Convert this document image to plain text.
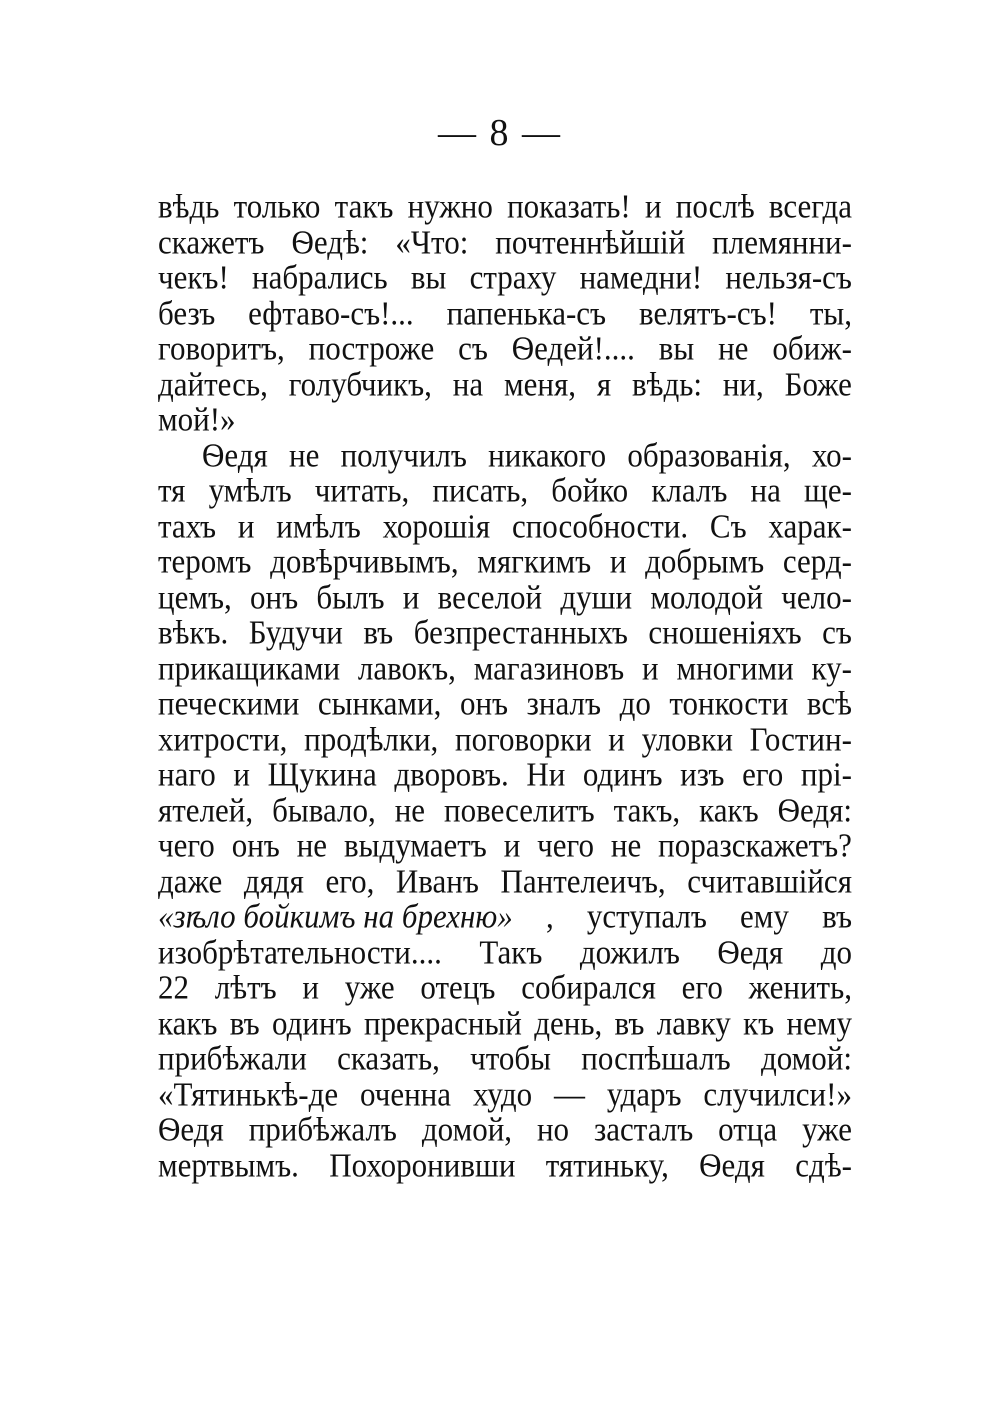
— 8 —
вѣдь только такъ нужно показать! и послѣ всегда
скажетъ Ѳедѣ: «Что: почтеннѣйшій племянни-
чекъ! набрались вы страху намедни! нельзя-съ
безъ ефтаво-съ!... папенька-съ велятъ-съ! ты,
говоритъ, построже съ Ѳедей!.... вы не обиж-
дайтесь, голубчикъ, на меня, я вѣдь: ни, Боже
мой!»
Ѳедя не получилъ никакого образованія, хо-
тя умѣлъ читать, писать, бойко клалъ на ще-
тахъ и имѣлъ хорошія способности. Съ харак-
теромъ довѣрчивымъ, мягкимъ и добрымъ серд-
цемъ, онъ былъ и веселой души молодой чело-
вѣкъ. Будучи въ безпрестанныхъ сношеніяхъ съ
прикащиками лавокъ, магазиновъ и многими ку-
печескими сынками, онъ зналъ до тонкости всѣ
хитрости, продѣлки, поговорки и уловки Гостин-
наго и Щукина дворовъ. Ни одинъ изъ его прі-
ятелей, бывало, не повеселитъ такъ, какъ Ѳедя:
чего онъ не выдумаетъ и чего не поразскажетъ?
даже дядя его, Иванъ Пантелеичъ, считавшійся
«зѣло бойкимъ на брехню» , уступалъ ему въ
изобрѣтательности.... Такъ дожилъ Ѳедя до
22 лѣтъ и уже отецъ собирался его женить,
какъ въ одинъ прекрасный день, въ лавку къ нему
прибѣжали сказать, чтобы поспѣшалъ домой:
«Тятинькѣ-де оченна худо — ударъ случилси!»
Ѳедя прибѣжалъ домой, но засталъ отца уже
мертвымъ. Похоронивши тятиньку, Ѳедя сдѣ-
